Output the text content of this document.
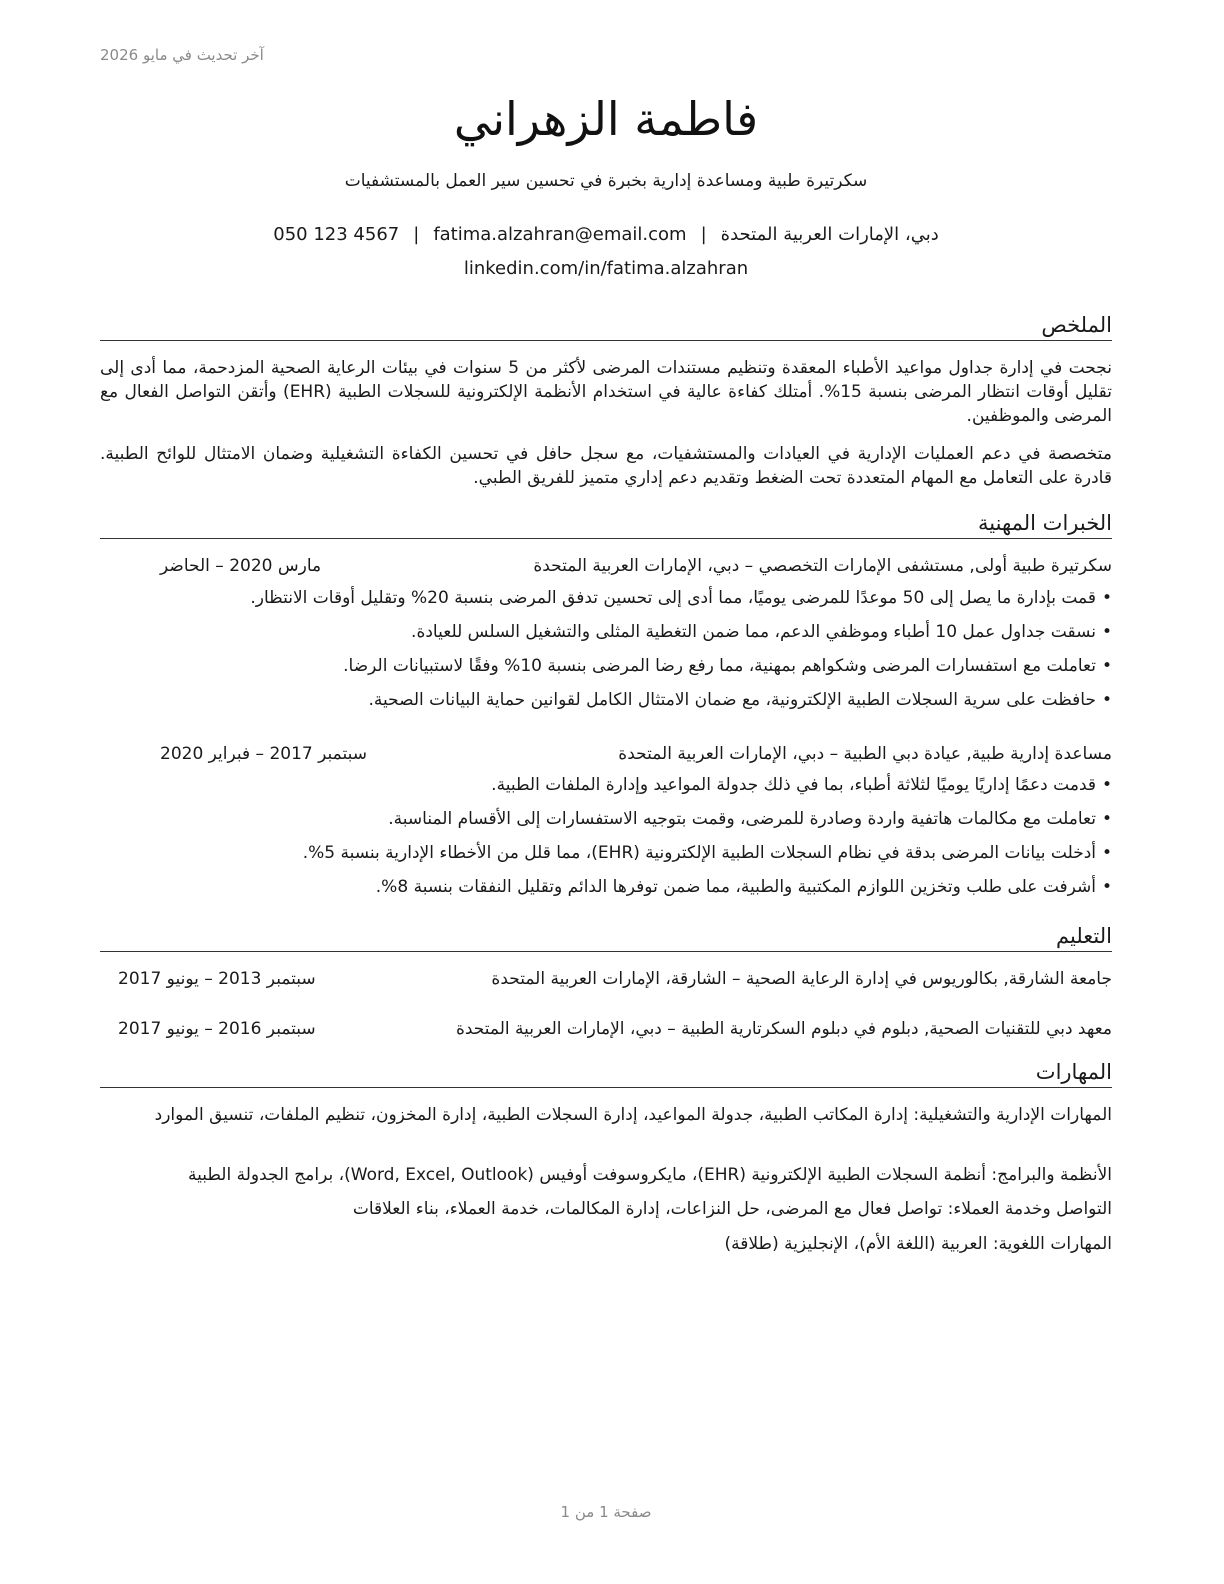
آخر تحديث في مايو 2026
فاطمة الزهراني

سكرتيرة طبية ومساعدة إدارية بخبرة في تحسين سير العمل بالمستشفيات

دبي، الإمارات العربية المتحدة|fatima.alzahran@email.com|050 123 4567
linkedin.com/in/fatima.alzahran
الملخص

نجحت في إدارة جداول مواعيد الأطباء المعقدة وتنظيم مستندات المرضى لأكثر من 5 سنوات في بيئات الرعاية الصحية المزدحمة، مما أدى إلى تقليل أوقات انتظار المرضى بنسبة 15%. أمتلك كفاءة عالية في استخدام الأنظمة الإلكترونية للسجلات الطبية (EHR) وأتقن التواصل الفعال مع المرضى والموظفين.

متخصصة في دعم العمليات الإدارية في العيادات والمستشفيات، مع سجل حافل في تحسين الكفاءة التشغيلية وضمان الامتثال للوائح الطبية. قادرة على التعامل مع المهام المتعددة تحت الضغط وتقديم دعم إداري متميز للفريق الطبي.

الخبرات المهنية
سكرتيرة طبية أولى, مستشفى الإمارات التخصصي – دبي، الإمارات العربية المتحدة
مارس 2020 – الحاضر
•
قمت بإدارة ما يصل إلى 50 موعدًا للمرضى يوميًا، مما أدى إلى تحسين تدفق المرضى بنسبة 20% وتقليل أوقات الانتظار.
•
نسقت جداول عمل 10 أطباء وموظفي الدعم، مما ضمن التغطية المثلى والتشغيل السلس للعيادة.
•
تعاملت مع استفسارات المرضى وشكواهم بمهنية، مما رفع رضا المرضى بنسبة 10% وفقًا لاستبيانات الرضا.
•
حافظت على سرية السجلات الطبية الإلكترونية، مع ضمان الامتثال الكامل لقوانين حماية البيانات الصحية.
مساعدة إدارية طبية, عيادة دبي الطبية – دبي، الإمارات العربية المتحدة
سبتمبر 2017 – فبراير 2020
•
قدمت دعمًا إداريًا يوميًا لثلاثة أطباء، بما في ذلك جدولة المواعيد وإدارة الملفات الطبية.
•
تعاملت مع مكالمات هاتفية واردة وصادرة للمرضى، وقمت بتوجيه الاستفسارات إلى الأقسام المناسبة.
•
أدخلت بيانات المرضى بدقة في نظام السجلات الطبية الإلكترونية (EHR)، مما قلل من الأخطاء الإدارية بنسبة 5%.
•
أشرفت على طلب وتخزين اللوازم المكتبية والطبية، مما ضمن توفرها الدائم وتقليل النفقات بنسبة 8%.
التعليم
جامعة الشارقة, بكالوريوس في إدارة الرعاية الصحية – الشارقة، الإمارات العربية المتحدة
سبتمبر 2013 – يونيو 2017
معهد دبي للتقنيات الصحية, دبلوم في دبلوم السكرتارية الطبية – دبي، الإمارات العربية المتحدة
سبتمبر 2016 – يونيو 2017
المهارات

المهارات الإدارية والتشغيلية: إدارة المكاتب الطبية، جدولة المواعيد، إدارة السجلات الطبية، إدارة المخزون، تنظيم الملفات، تنسيق الموارد

الأنظمة والبرامج: أنظمة السجلات الطبية الإلكترونية (EHR)، مايكروسوفت أوفيس (Word, Excel, Outlook)، برامج الجدولة الطبية

التواصل وخدمة العملاء: تواصل فعال مع المرضى، حل النزاعات، إدارة المكالمات، خدمة العملاء، بناء العلاقات

المهارات اللغوية: العربية (اللغة الأم)، الإنجليزية (طلاقة)

صفحة 1 من 1
